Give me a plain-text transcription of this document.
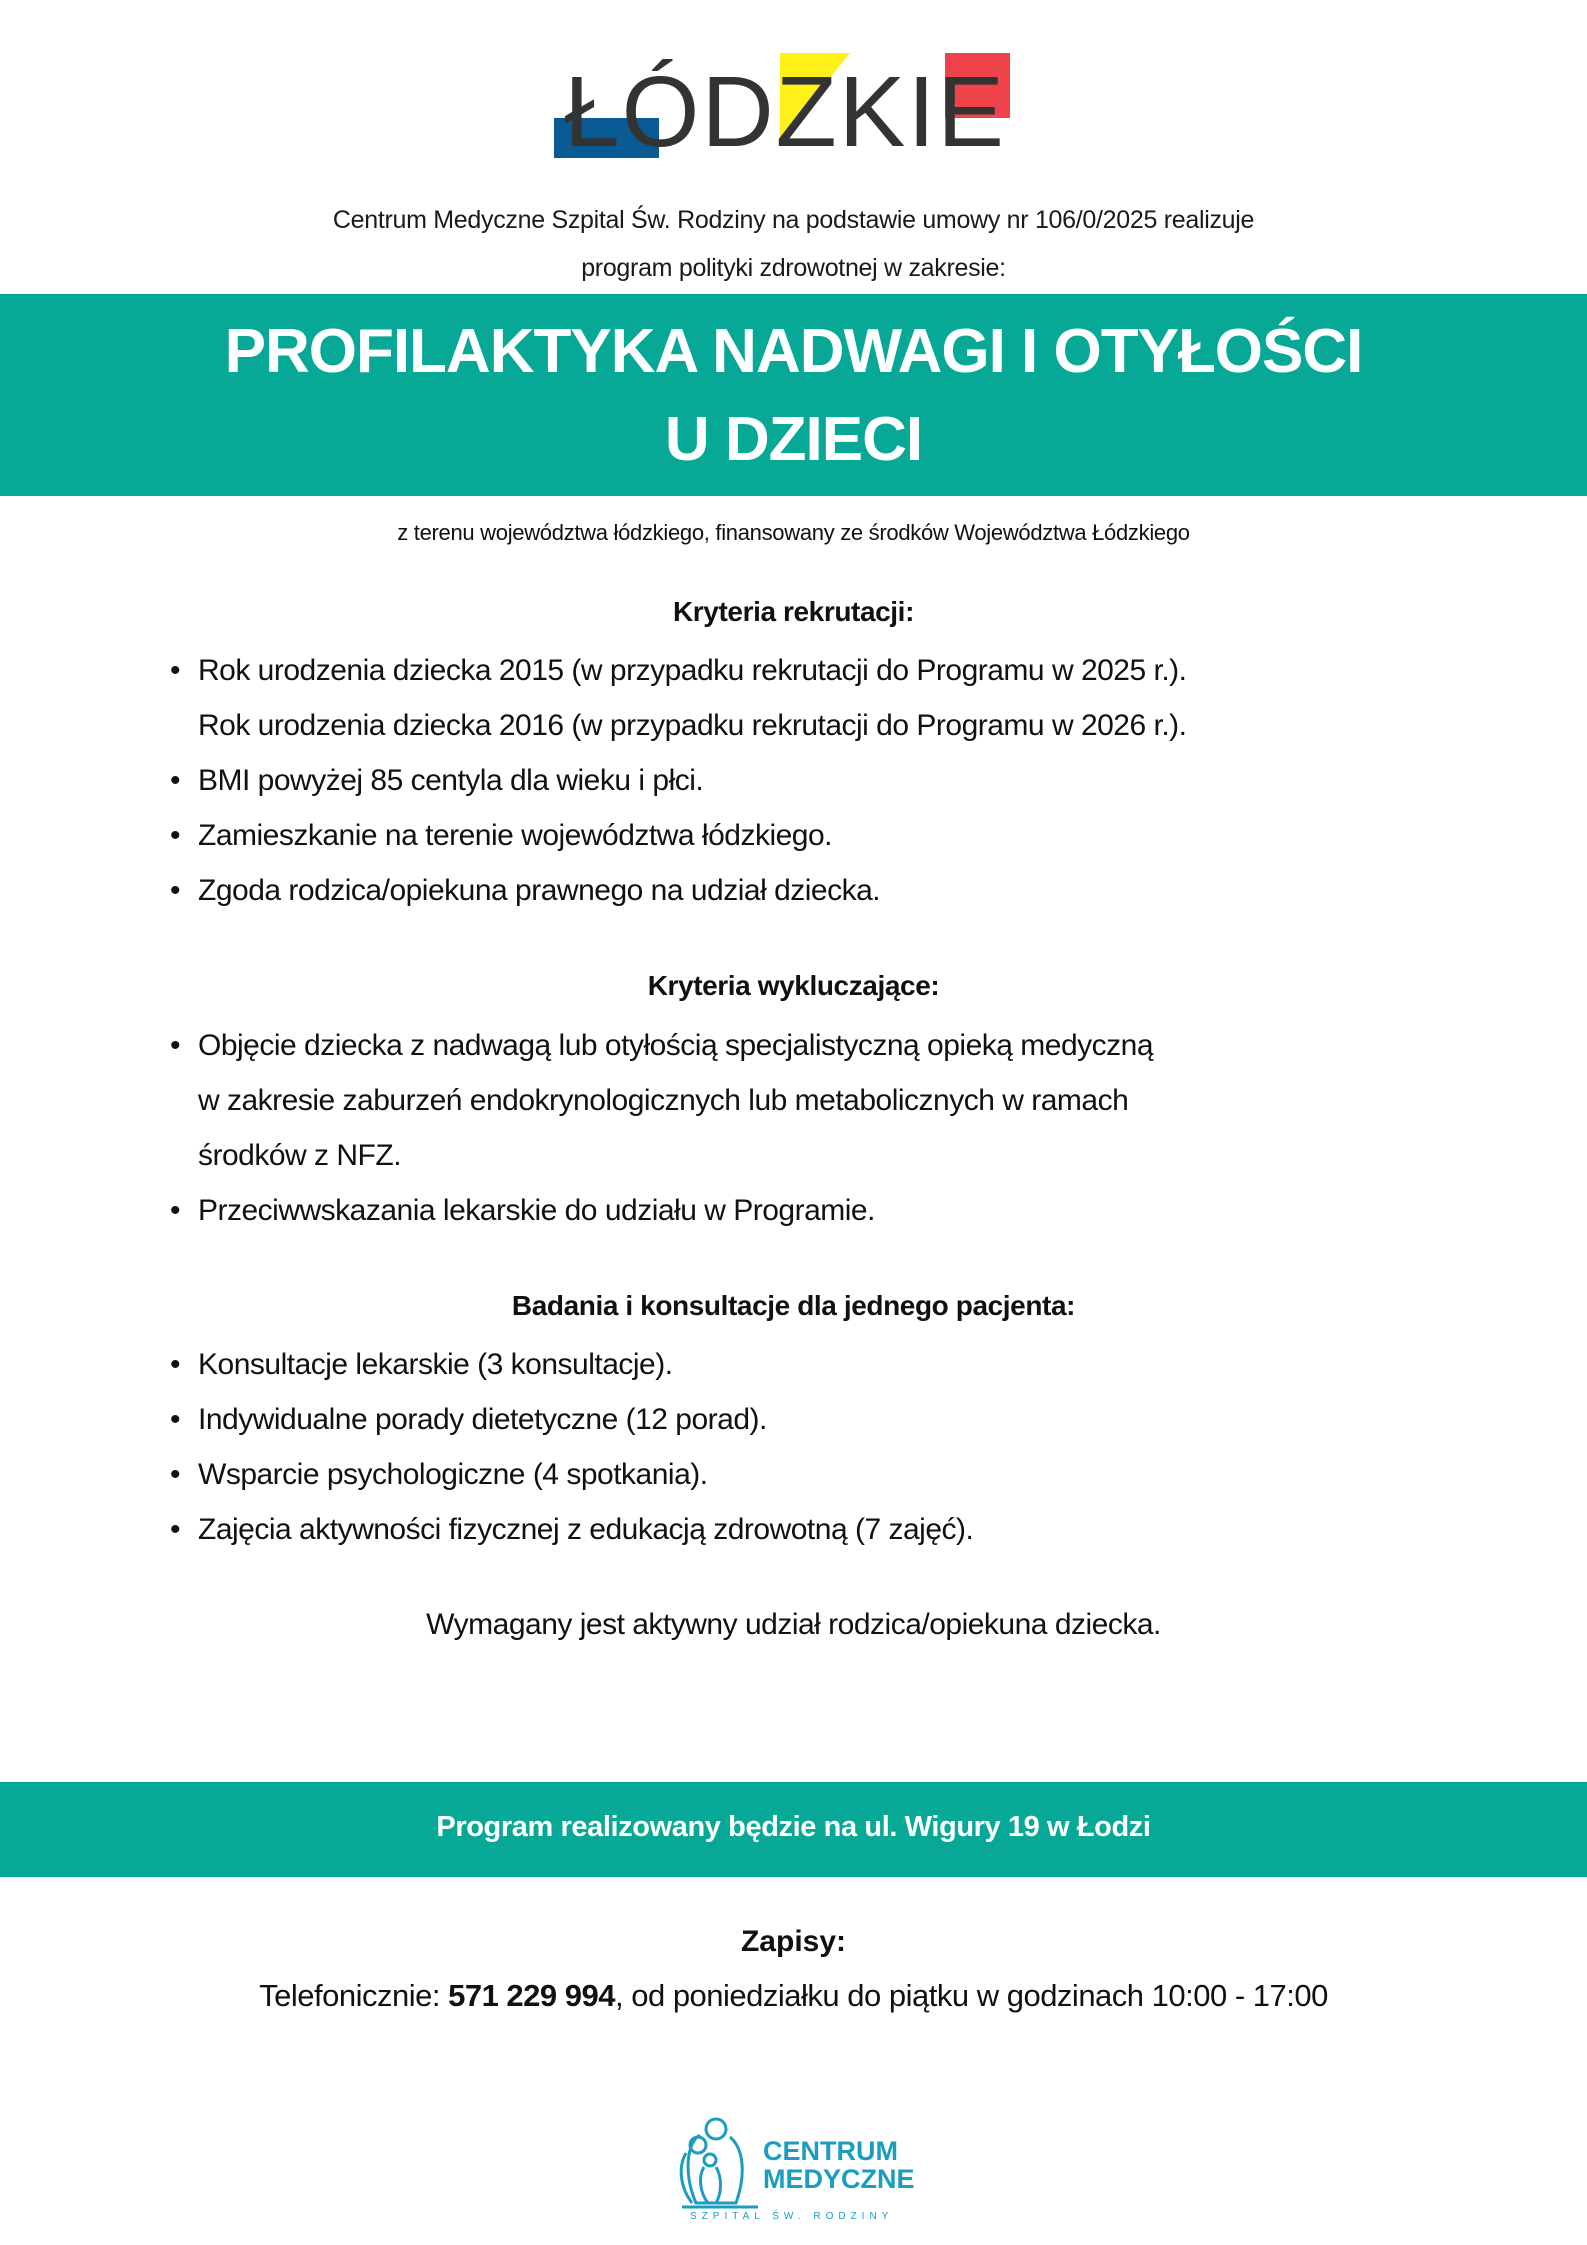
ŁÓDZKIE
Centrum Medyczne Szpital Św. Rodziny na podstawie umowy nr 106/0/2025 realizuje
program polityki zdrowotnej w zakresie:
PROFILAKTYKA NADWAGI I OTYŁOŚCI
U DZIECI
z terenu województwa łódzkiego, finansowany ze środków Województwa Łódzkiego
Kryteria rekrutacji:
• Rok urodzenia dziecka 2015 (w przypadku rekrutacji do Programu w 2025 r.).
Rok urodzenia dziecka 2016 (w przypadku rekrutacji do Programu w 2026 r.).
• BMI powyżej 85 centyla dla wieku i płci.
• Zamieszkanie na terenie województwa łódzkiego.
• Zgoda rodzica/opiekuna prawnego na udział dziecka.
Kryteria wykluczające:
• Objęcie dziecka z nadwagą lub otyłością specjalistyczną opieką medyczną
w zakresie zaburzeń endokrynologicznych lub metabolicznych w ramach
środków z NFZ.
• Przeciwwskazania lekarskie do udziału w Programie.
Badania i konsultacje dla jednego pacjenta:
• Konsultacje lekarskie (3 konsultacje).
• Indywidualne porady dietetyczne (12 porad).
• Wsparcie psychologiczne (4 spotkania).
• Zajęcia aktywności fizycznej z edukacją zdrowotną (7 zajęć).
Wymagany jest aktywny udział rodzica/opiekuna dziecka.
Program realizowany będzie na ul. Wigury 19 w Łodzi
Zapisy:
Telefonicznie: 571 229 994, od poniedziałku do piątku w godzinach 10:00 - 17:00
CENTRUM
MEDYCZNE
SZPITAL ŚW. RODZINY
